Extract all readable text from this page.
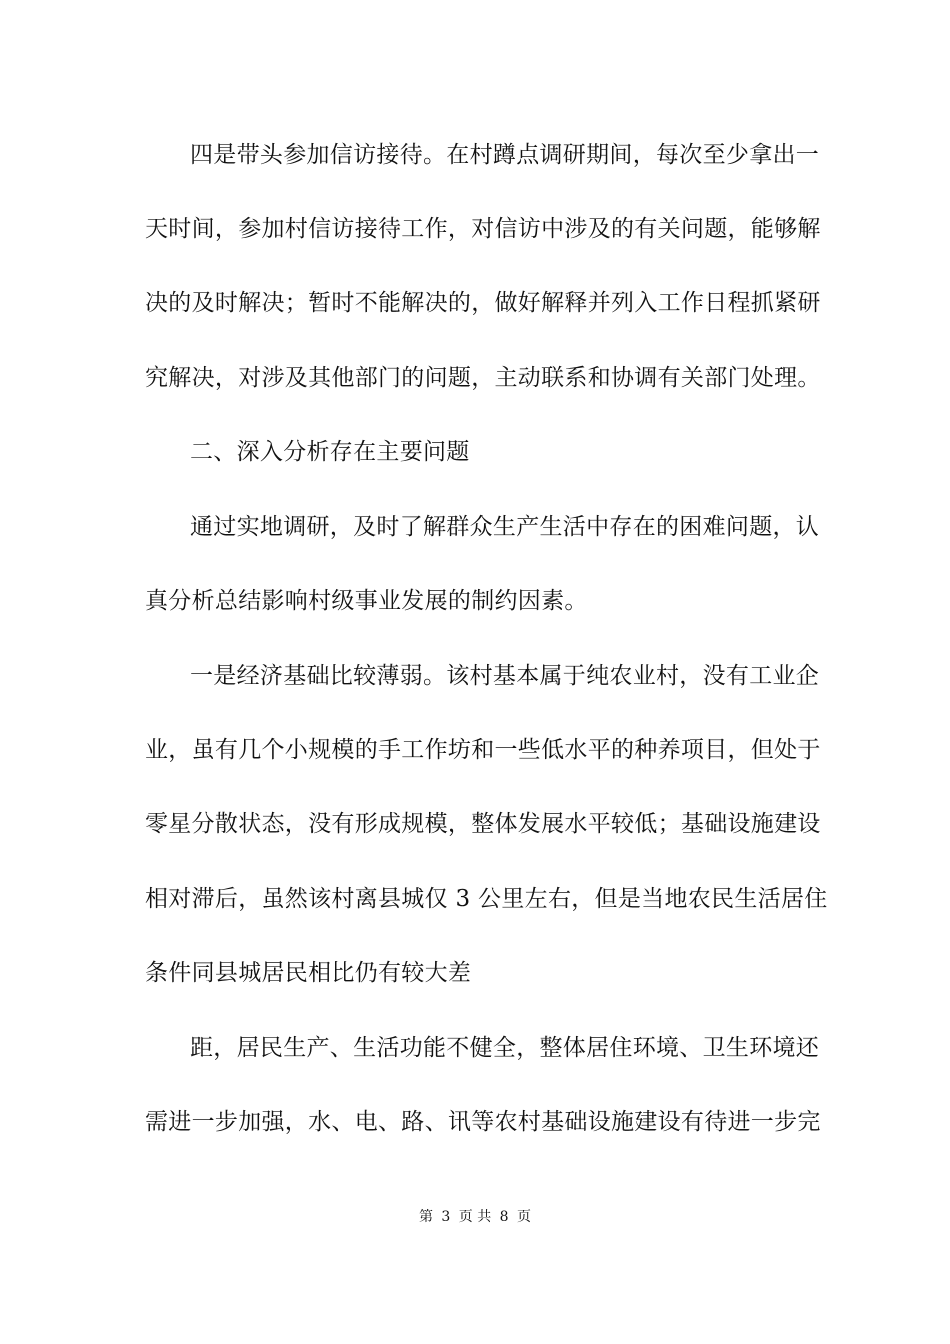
四是带头参加信访接待。在村蹲点调研期间，每次至少拿出一
天时间，参加村信访接待工作，对信访中涉及的有关问题，能够解
决的及时解决；暂时不能解决的，做好解释并列入工作日程抓紧研
究解决，对涉及其他部门的问题，主动联系和协调有关部门处理。
二、深入分析存在主要问题
通过实地调研，及时了解群众生产生活中存在的困难问题，认
真分析总结影响村级事业发展的制约因素。
一是经济基础比较薄弱。该村基本属于纯农业村，没有工业企
业，虽有几个小规模的手工作坊和一些低水平的种养项目，但处于
零星分散状态，没有形成规模，整体发展水平较低；基础设施建设
相对滞后，虽然该村离县城仅 3 公里左右，但是当地农民生活居住
条件同县城居民相比仍有较大差
距，居民生产、生活功能不健全，整体居住环境、卫生环境还
需进一步加强，水、电、路、讯等农村基础设施建设有待进一步完
第 3 页 共 8 页
